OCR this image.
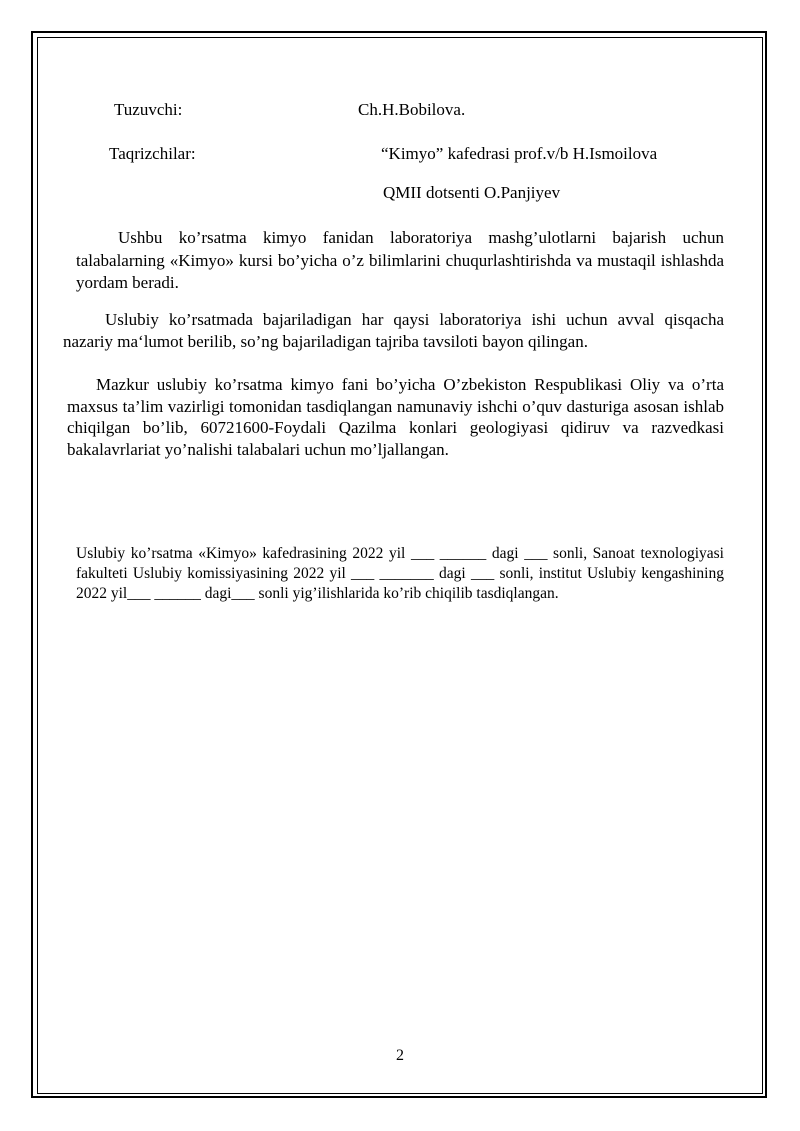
Tuzuvchi:	Ch.H.Bobilova.
Taqrizchilar:	“Kimyo” kafedrasi prof.v/b H.Ismoilova
QMII dotsenti O.Panjiyev

Ushbu ko’rsatma kimyo fanidan laboratoriya mashg’ulotlarni bajarish uchun talabalarning «Kimyo» kursi bo’yicha o’z bilimlarini chuqurlashtirishda va mustaqil ishlashda yordam beradi.

Uslubiy ko’rsatmada bajariladigan har qaysi laboratoriya ishi uchun avval qisqacha nazariy ma‘lumot berilib, so’ng bajariladigan tajriba tavsiloti bayon qilingan.

Mazkur uslubiy ko’rsatma kimyo fani bo’yicha O’zbekiston Respublikasi Oliy va o’rta maxsus ta’lim vazirligi tomonidan tasdiqlangan namunaviy ishchi o’quv dasturiga asosan ishlab chiqilgan bo’lib, 60721600-Foydali Qazilma konlari geologiyasi qidiruv va razvedkasi bakalavrlariat yo’nalishi talabalari uchun mo’ljallangan.

Uslubiy ko’rsatma «Kimyo» kafedrasining 2022 yil ___ ______ dagi ___ sonli, Sanoat texnologiyasi fakulteti Uslubiy komissiyasining 2022 yil ___ _______ dagi ___ sonli, institut Uslubiy kengashining 2022 yil___ ______ dagi___ sonli yig’ilishlarida ko’rib chiqilib tasdiqlangan.

2
